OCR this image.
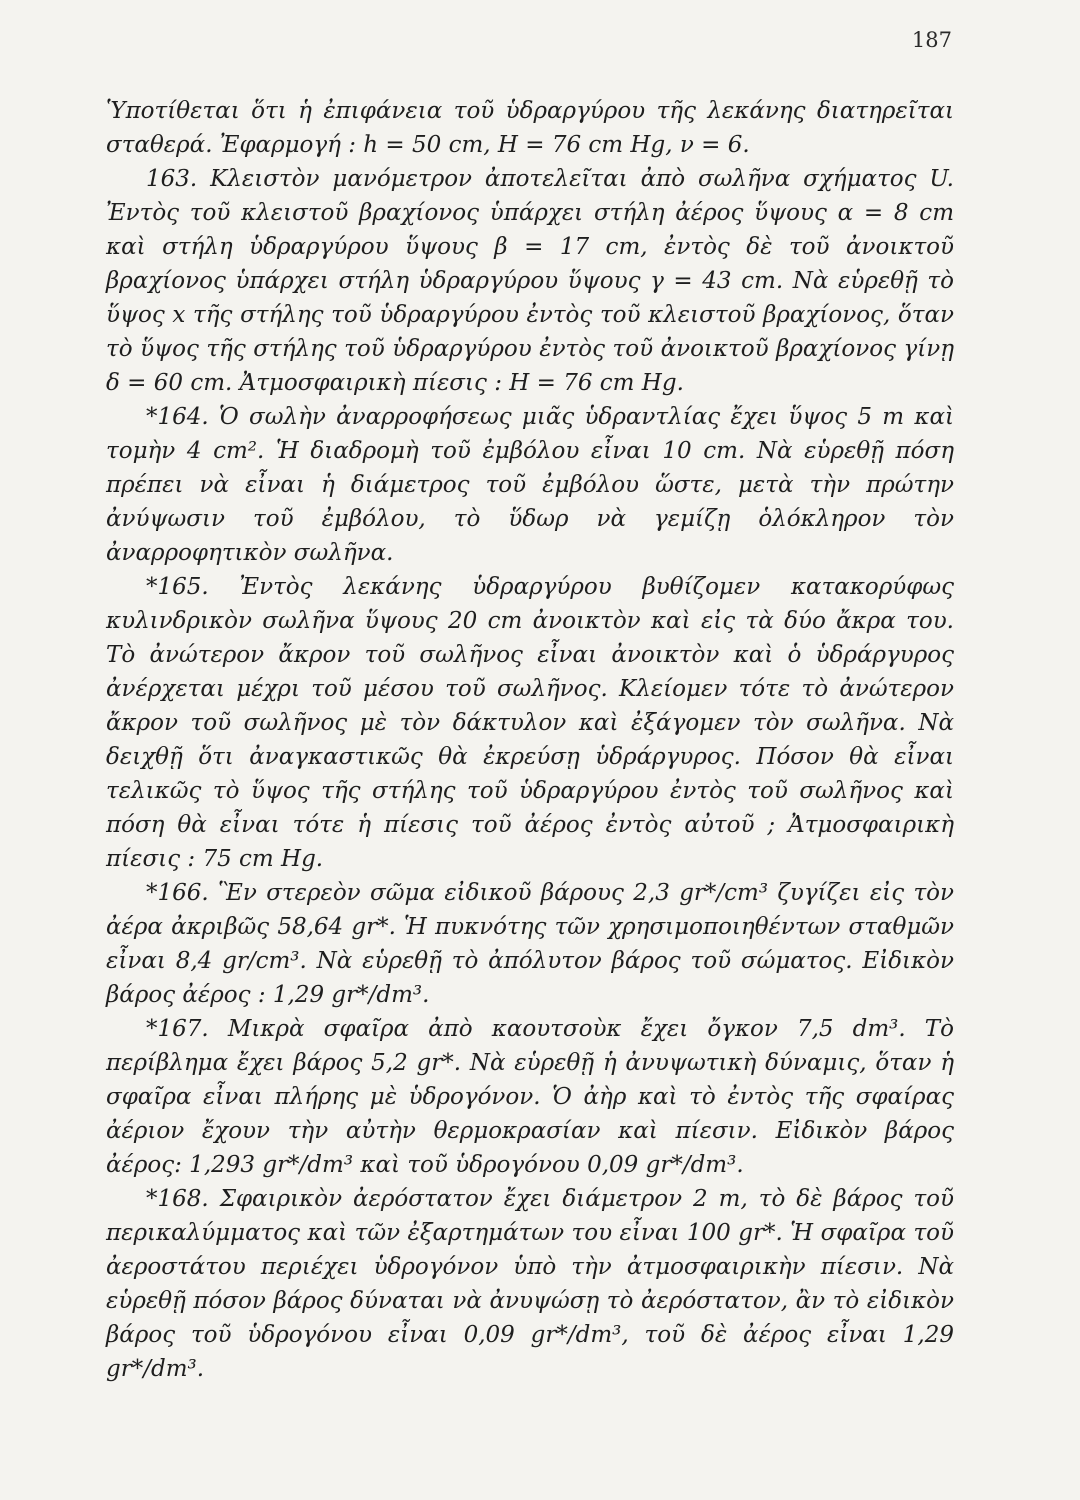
187

Ὑποτίθεται ὅτι ἡ ἐπιφάνεια τοῦ ὑδραργύρου τῆς λεκάνης διατηρεῖται σταθερά. Ἐφαρμογή : h = 50 cm, H = 76 cm Hg, ν = 6.

163. Κλειστὸν μανόμετρον ἀποτελεῖται ἀπὸ σωλῆνα σχήματος U. Ἐντὸς τοῦ κλειστοῦ βραχίονος ὑπάρχει στήλη ἀέρος ὕψους α = 8 cm καὶ στήλη ὑδραργύρου ὕψους β = 17 cm, ἐντὸς δὲ τοῦ ἀνοικτοῦ βραχίονος ὑπάρχει στήλη ὑδραργύρου ὕψους γ = 43 cm. Νὰ εὑρεθῇ τὸ ὕψος x τῆς στήλης τοῦ ὑδραργύρου ἐντὸς τοῦ κλειστοῦ βραχίονος, ὅταν τὸ ὕψος τῆς στήλης τοῦ ὑδραργύρου ἐντὸς τοῦ ἀνοικτοῦ βραχίονος γίνῃ δ = 60 cm. Ἀτμοσφαιρικὴ πίεσις : H = 76 cm Hg.

*164. Ὁ σωλὴν ἀναρροφήσεως μιᾶς ὑδραντλίας ἔχει ὕψος 5 m καὶ τομὴν 4 cm². Ἡ διαδρομὴ τοῦ ἐμβόλου εἶναι 10 cm. Νὰ εὑρεθῇ πόση πρέπει νὰ εἶναι ἡ διάμετρος τοῦ ἐμβόλου ὥστε, μετὰ τὴν πρώτην ἀνύψωσιν τοῦ ἐμβόλου, τὸ ὕδωρ νὰ γεμίζῃ ὁλόκληρον τὸν ἀναρροφητικὸν σωλῆνα.

*165. Ἐντὸς λεκάνης ὑδραργύρου βυθίζομεν κατακορύφως κυλινδρικὸν σωλῆνα ὕψους 20 cm ἀνοικτὸν καὶ εἰς τὰ δύο ἄκρα του. Τὸ ἀνώτερον ἄκρον τοῦ σωλῆνος εἶναι ἀνοικτὸν καὶ ὁ ὑδράργυρος ἀνέρχεται μέχρι τοῦ μέσου τοῦ σωλῆνος. Κλείομεν τότε τὸ ἀνώτερον ἄκρον τοῦ σωλῆνος μὲ τὸν δάκτυλον καὶ ἐξάγομεν τὸν σωλῆνα. Νὰ δειχθῇ ὅτι ἀναγκαστικῶς θὰ ἐκρεύσῃ ὑδράργυρος. Πόσον θὰ εἶναι τελικῶς τὸ ὕψος τῆς στήλης τοῦ ὑδραργύρου ἐντὸς τοῦ σωλῆνος καὶ πόση θὰ εἶναι τότε ἡ πίεσις τοῦ ἀέρος ἐντὸς αὐτοῦ ; Ἀτμοσφαιρικὴ πίεσις : 75 cm Hg.

*166. Ἓν στερεὸν σῶμα εἰδικοῦ βάρους 2,3 gr*/cm³ ζυγίζει εἰς τὸν ἀέρα ἀκριβῶς 58,64 gr*. Ἡ πυκνότης τῶν χρησιμοποιηθέντων σταθμῶν εἶναι 8,4 gr/cm³. Νὰ εὑρεθῇ τὸ ἀπόλυτον βάρος τοῦ σώματος. Εἰδικὸν βάρος ἀέρος : 1,29 gr*/dm³.

*167. Μικρὰ σφαῖρα ἀπὸ καουτσοὺκ ἔχει ὄγκον 7,5 dm³. Τὸ περίβλημα ἔχει βάρος 5,2 gr*. Νὰ εὑρεθῇ ἡ ἀνυψωτικὴ δύναμις, ὅταν ἡ σφαῖρα εἶναι πλήρης μὲ ὑδρογόνον. Ὁ ἀὴρ καὶ τὸ ἐντὸς τῆς σφαίρας ἀέριον ἔχουν τὴν αὐτὴν θερμοκρασίαν καὶ πίεσιν. Εἰδικὸν βάρος ἀέρος: 1,293 gr*/dm³ καὶ τοῦ ὑδρογόνου 0,09 gr*/dm³.

*168. Σφαιρικὸν ἀερόστατον ἔχει διάμετρον 2 m, τὸ δὲ βάρος τοῦ περικαλύμματος καὶ τῶν ἐξαρτημάτων του εἶναι 100 gr*. Ἡ σφαῖρα τοῦ ἀεροστάτου περιέχει ὑδρογόνον ὑπὸ τὴν ἀτμοσφαιρικὴν πίεσιν. Νὰ εὑρεθῇ πόσον βάρος δύναται νὰ ἀνυψώσῃ τὸ ἀερόστατον, ἂν τὸ εἰδικὸν βάρος τοῦ ὑδρογόνου εἶναι 0,09 gr*/dm³, τοῦ δὲ ἀέρος εἶναι 1,29 gr*/dm³.
